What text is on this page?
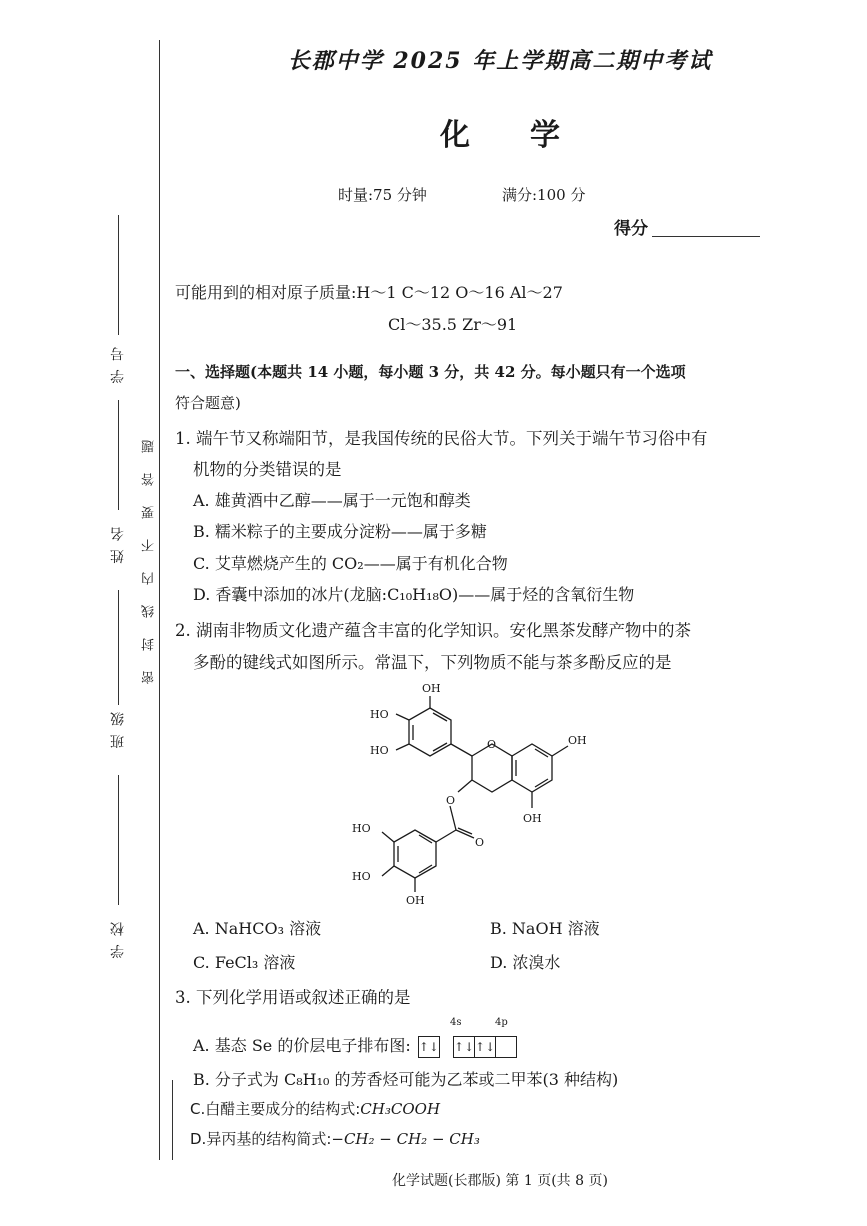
学 号
姓 名
班 级
学 校
密封线内不要答题
长郡中学 2025 年上学期高二期中考试
化学
时量:75 分钟	满分:100 分
得分
可能用到的相对原子质量:H～1 C～12 O～16 Al～27
Cl～35.5 Zr～91
一、选择题(本题共 14 小题，每小题 3 分，共 42 分。每小题只有一个选项
符合题意)
1. 端午节又称端阳节，是我国传统的民俗大节。下列关于端午节习俗中有
机物的分类错误的是
A. 雄黄酒中乙醇——属于一元饱和醇类
B. 糯米粽子的主要成分淀粉——属于多糖
C. 艾草燃烧产生的 CO₂——属于有机化合物
D. 香囊中添加的冰片(龙脑:C₁₀H₁₈O)——属于烃的含氧衍生物
2. 湖南非物质文化遗产蕴含丰富的化学知识。安化黑茶发酵产物中的茶
多酚的键线式如图所示。常温下，下列物质不能与茶多酚反应的是
OH
HO
HO	O	OH
OH
O
O
HO
HO
OH
A. NaHCO₃ 溶液	B. NaOH 溶液
C. FeCl₃ 溶液	D. 浓溴水
3. 下列化学用语或叙述正确的是
4s	4p
A. 基态 Se 的价层电子排布图: ↑↓ ↑↓↑↓
B. 分子式为 C₈H₁₀ 的芳香烃可能为乙苯或二甲苯(3 种结构)
C.白醋主要成分的结构式:CH₃COOH
D.异丙基的结构简式:−CH₂ − CH₂ − CH₃
化学试题(长郡版) 第 1 页(共 8 页)
